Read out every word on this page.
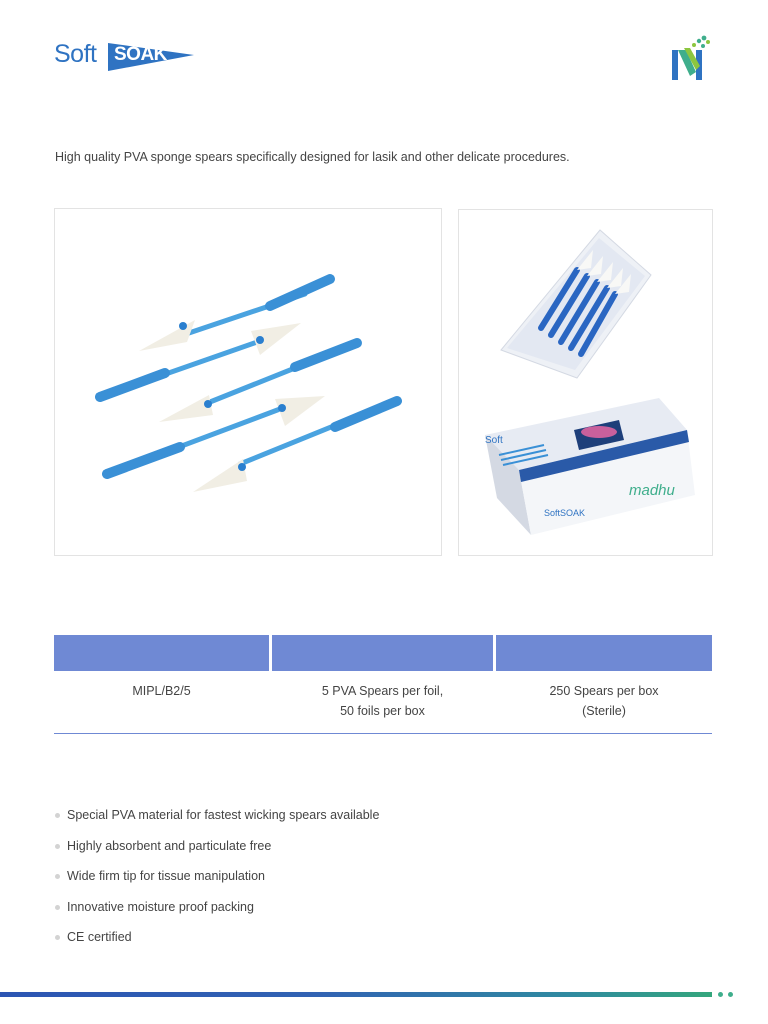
Soft SOAK

High quality PVA sponge spears specifically designed for lasik and other delicate procedures.

Soft
SoftSOAK
madhu
MIPL/B2/5	5 PVA Spears per foil,
50 foils per box
250 Spears per box
(Sterile)
Special PVA material for fastest wicking spears available
Highly absorbent and particulate free
Wide firm tip for tissue manipulation
Innovative moisture proof packing
CE certified
